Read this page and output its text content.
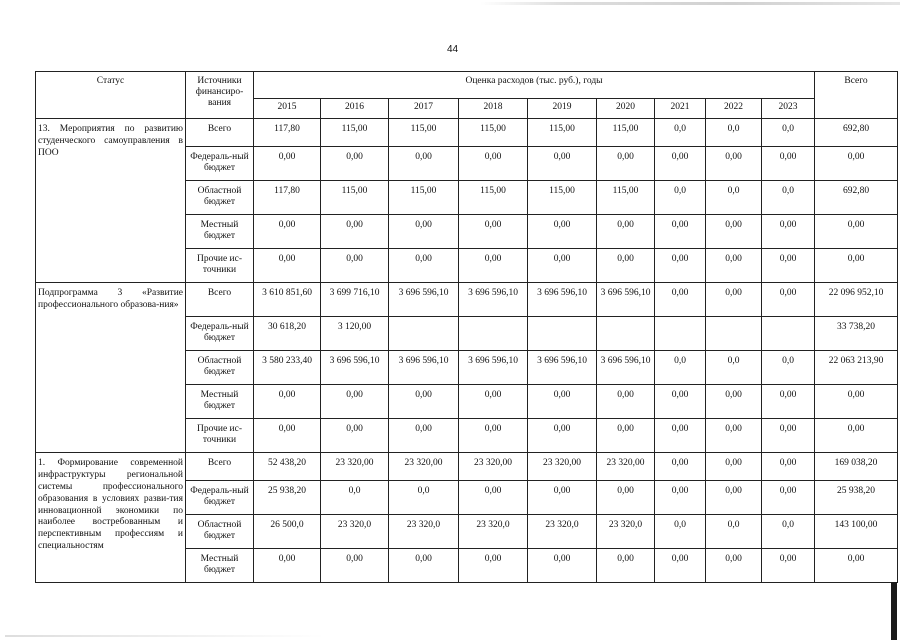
44
Статус	Источники финансиро-вания	Оценка расходов (тыс. руб.), годы									Всего
		2015	2016	2017	2018	2019	2020	2021	2022	2023	
13. Мероприятия по развитию студенческого самоуправления в ПОО	Всего	117,80	115,00	115,00	115,00	115,00	115,00	0,0	0,0	0,0	692,80
	Федераль-ный бюджет	0,00	0,00	0,00	0,00	0,00	0,00	0,00	0,00	0,00	0,00
	Областной бюджет	117,80	115,00	115,00	115,00	115,00	115,00	0,0	0,0	0,0	692,80
	Местный бюджет	0,00	0,00	0,00	0,00	0,00	0,00	0,00	0,00	0,00	0,00
	Прочие ис-точники	0,00	0,00	0,00	0,00	0,00	0,00	0,00	0,00	0,00	0,00
Подпрограмма 3 «Развитие профессионального образова-ния»	Всего	3 610 851,60	3 699 716,10	3 696 596,10	3 696 596,10	3 696 596,10	3 696 596,10	0,00	0,00	0,00	22 096 952,10
	Федераль-ный бюджет	30 618,20	3 120,00								33 738,20
	Областной бюджет	3 580 233,40	3 696 596,10	3 696 596,10	3 696 596,10	3 696 596,10	3 696 596,10	0,0	0,0	0,0	22 063 213,90
	Местный бюджет	0,00	0,00	0,00	0,00	0,00	0,00	0,00	0,00	0,00	0,00
	Прочие ис-точники	0,00	0,00	0,00	0,00	0,00	0,00	0,00	0,00	0,00	0,00
1. Формирование современной инфраструктуры региональной системы профессионального образования в условиях разви-тия инновационной экономики по наиболее востребованным и перспективным профессиям и специальностям	Всего	52 438,20	23 320,00	23 320,00	23 320,00	23 320,00	23 320,00	0,00	0,00	0,00	169 038,20
	Федераль-ный бюджет	25 938,20	0,0	0,0	0,00	0,00	0,00	0,00	0,00	0,00	25 938,20
	Областной бюджет	26 500,0	23 320,0	23 320,0	23 320,0	23 320,0	23 320,0	0,0	0,0	0,0	143 100,00
	Местный бюджет	0,00	0,00	0,00	0,00	0,00	0,00	0,00	0,00	0,00	0,00
